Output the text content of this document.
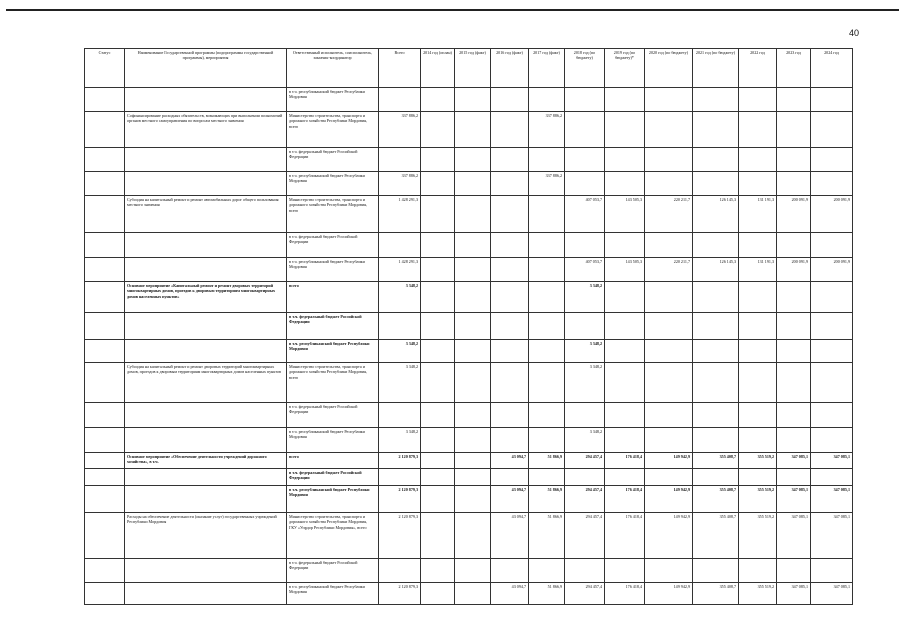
40
Статус	Наименование Государственной программы (подпрограммы государственной программы), мероприятия	Ответственный исполнитель, соисполнитель, заказчик-координатор	Всего	2014 год (оплан)	2015 год (факт)	2016 год (факт)	2017 год (факт)	2018 год (по бюджету)	2019 год (по бюджету)*	2020 год (по бюджету)	2021 год (по бюджету)	2022 год	2023 год	2024 год
		в т.ч. республиканский бюджет Республики Мордовия												
	Софинансирование расходных обязательств, возникающих при выполнении полномочий органов местного самоуправления по вопросам местного значения	Министерство строительства, транспорта и дорожного хозяйства Республики Мордовия, всего	337 886,2				337 886,2							
		в т.ч. федеральный бюджет Российской Федерации												
		в т.ч. республиканский бюджет Республики Мордовия	337 886,2				337 886,2							
	Субсидия на капитальный ремонт и ремонт автомобильных дорог общего пользования местного значения	Министерство строительства, транспорта и дорожного хозяйства Республики Мордовия, всего	1 428 291,3					407 053,7	143 505,3	220 211,7	126 145,3	131 191,3	200 091,9	200 091,9
		в т.ч. федеральный бюджет Российской Федерации												
		в т.ч. республиканский бюджет Республики Мордовия	1 428 291,3					407 053,7	143 505,3	220 211,7	126 145,3	131 191,3	200 091,9	200 091,9
	Основное мероприятие «Капитальный ремонт и ремонт дворовых территорий многоквартирных домов, проездов к дворовым территориям многоквартирных домов населенных пунктов»	всего	3 348,2					3 348,2						
		в т.ч. федеральный бюджет Российской Федерации												
		в т.ч. республиканский бюджет Республики Мордовия	3 348,2					3 348,2						
	Субсидия на капитальный ремонт и ремонт дворовых территорий многоквартирных домов, проездов к дворовым территориям многоквартирных домов населенных пунктов	Министерство строительства, транспорта и дорожного хозяйства Республики Мордовия, всего	3 348,2					3 348,2						
		в т.ч. федеральный бюджет Российской Федерации												
		в т.ч. республиканский бюджет Республики Мордовия	3 348,2					3 348,2						
	Основное мероприятие «Обеспечение деятельности учреждений дорожного хозяйства», в т.ч.	всего	2 120 879,3			43 094,7	51 866,9	294 457,4	176 418,4	149 942,9	355 408,7	355 519,2	347 085,1	347 085,1
		в т.ч. федеральный бюджет Российской Федерации												
		в т.ч. республиканский бюджет Республики Мордовия	2 120 879,3			43 094,7	51 866,9	294 457,4	176 418,4	149 942,9	355 408,7	355 519,2	347 085,1	347 085,1
	Расходы на обеспечение деятельности (оказание услуг) государственных учреждений Республики Мордовия	Министерство строительства, транспорта и дорожного хозяйства Республики Мордовия, ГКУ «Упрдор Республики Мордовия», всего	2 120 879,3			43 094,7	51 866,9	294 457,4	176 418,4	149 942,9	355 408,7	355 519,2	347 085,1	347 085,1
		в т.ч. федеральный бюджет Российской Федерации												
		в т.ч. республиканский бюджет Республики Мордовия	2 120 879,3			43 094,7	51 866,9	294 457,4	176 418,4	149 942,9	355 408,7	355 519,2	347 085,1	347 085,1
